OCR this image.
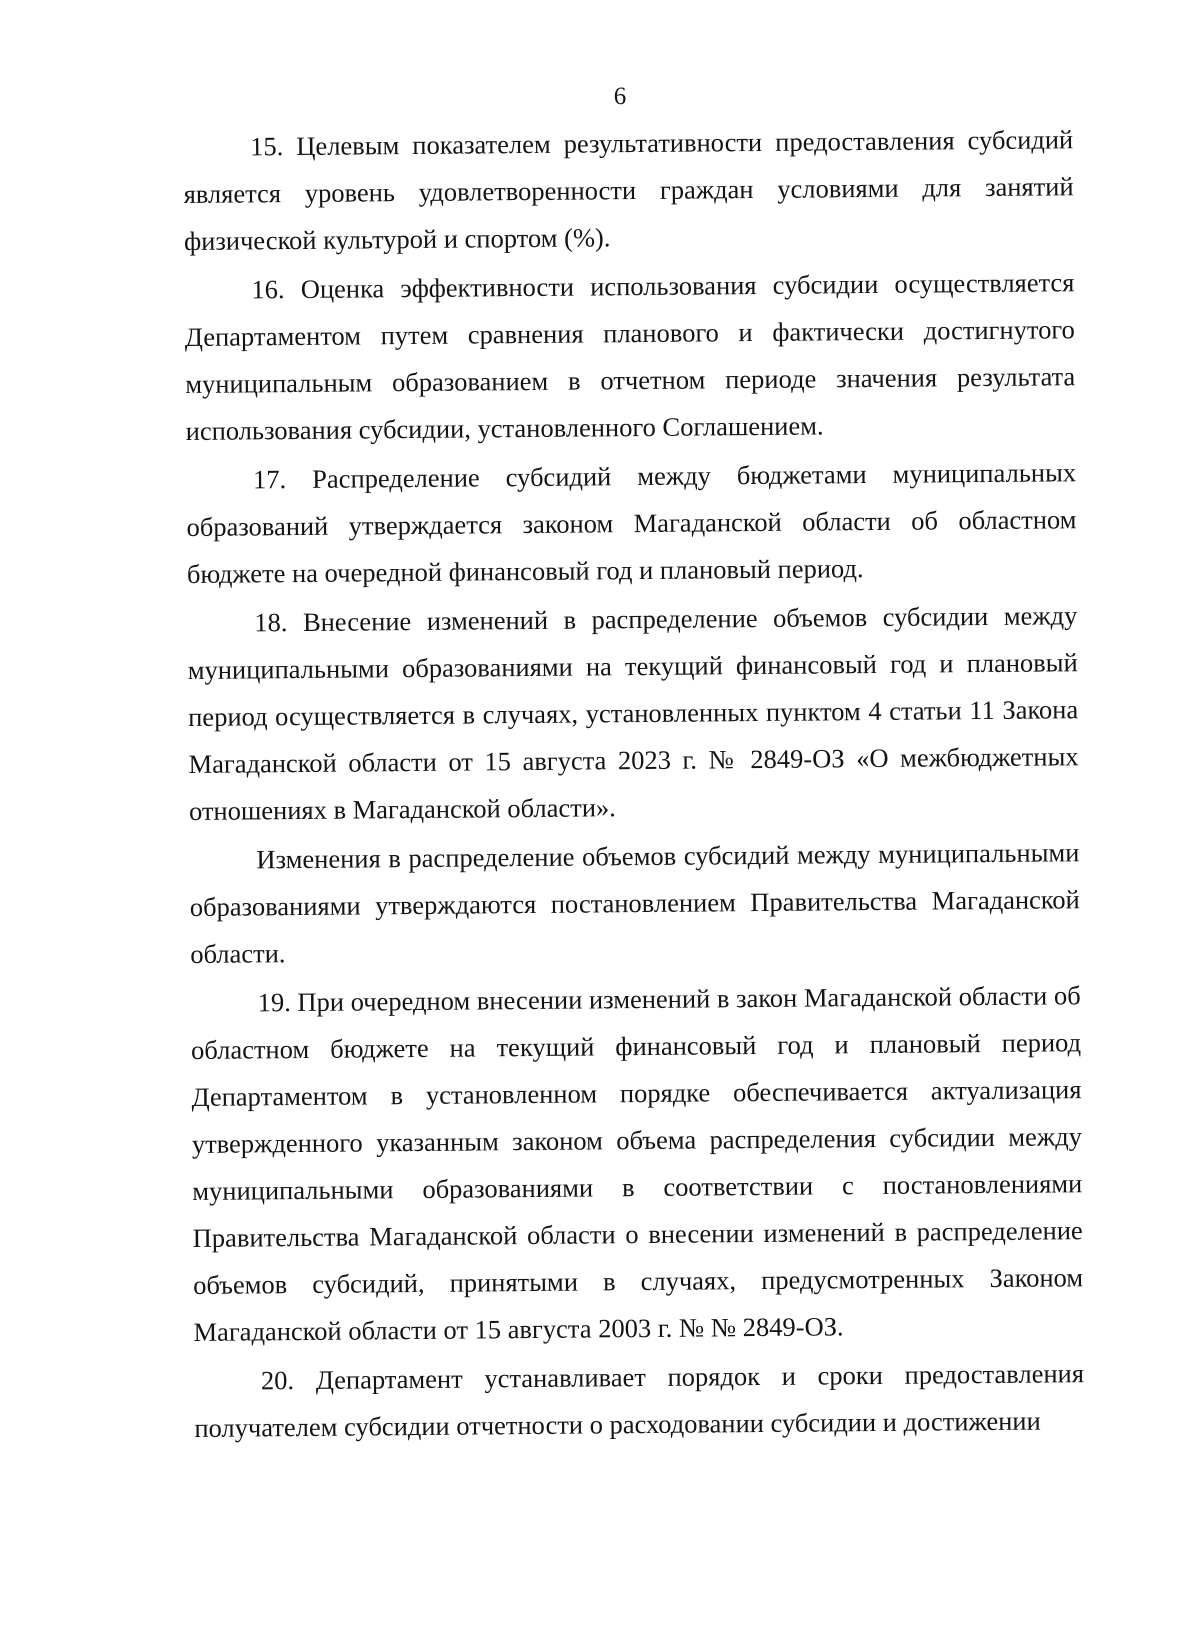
6

15. Целевым показателем результативности предоставления субсидий является уровень удовлетворенности граждан условиями для занятий физической культурой и спортом (%).

16. Оценка эффективности использования субсидии осуществляется Департаментом путем сравнения планового и фактически достигнутого муниципальным образованием в отчетном периоде значения результата использования субсидии, установленного Соглашением.

17. Распределение субсидий между бюджетами муниципальных образований утверждается законом Магаданской области об областном бюджете на очередной финансовый год и плановый период.

18. Внесение изменений в распределение объемов субсидии между муниципальными образованиями на текущий финансовый год и плановый период осуществляется в случаях, установленных пунктом 4 статьи 11 Закона Магаданской области от 15 августа 2023 г. № 2849-ОЗ «О межбюджетных отношениях в Магаданской области».

Изменения в распределение объемов субсидий между муниципальными образованиями утверждаются постановлением Правительства Магаданской области.

19. При очередном внесении изменений в закон Магаданской области об областном бюджете на текущий финансовый год и плановый период Департаментом в установленном порядке обеспечивается актуализация утвержденного указанным законом объема распределения субсидии между муниципальными образованиями в соответствии с постановлениями Правительства Магаданской области о внесении изменений в распределение объемов субсидий, принятыми в случаях, предусмотренных Законом Магаданской области от 15 августа 2003 г. № № 2849-ОЗ.

20. Департамент устанавливает порядок и сроки предоставления получателем субсидии отчетности о расходовании субсидии и достижении
